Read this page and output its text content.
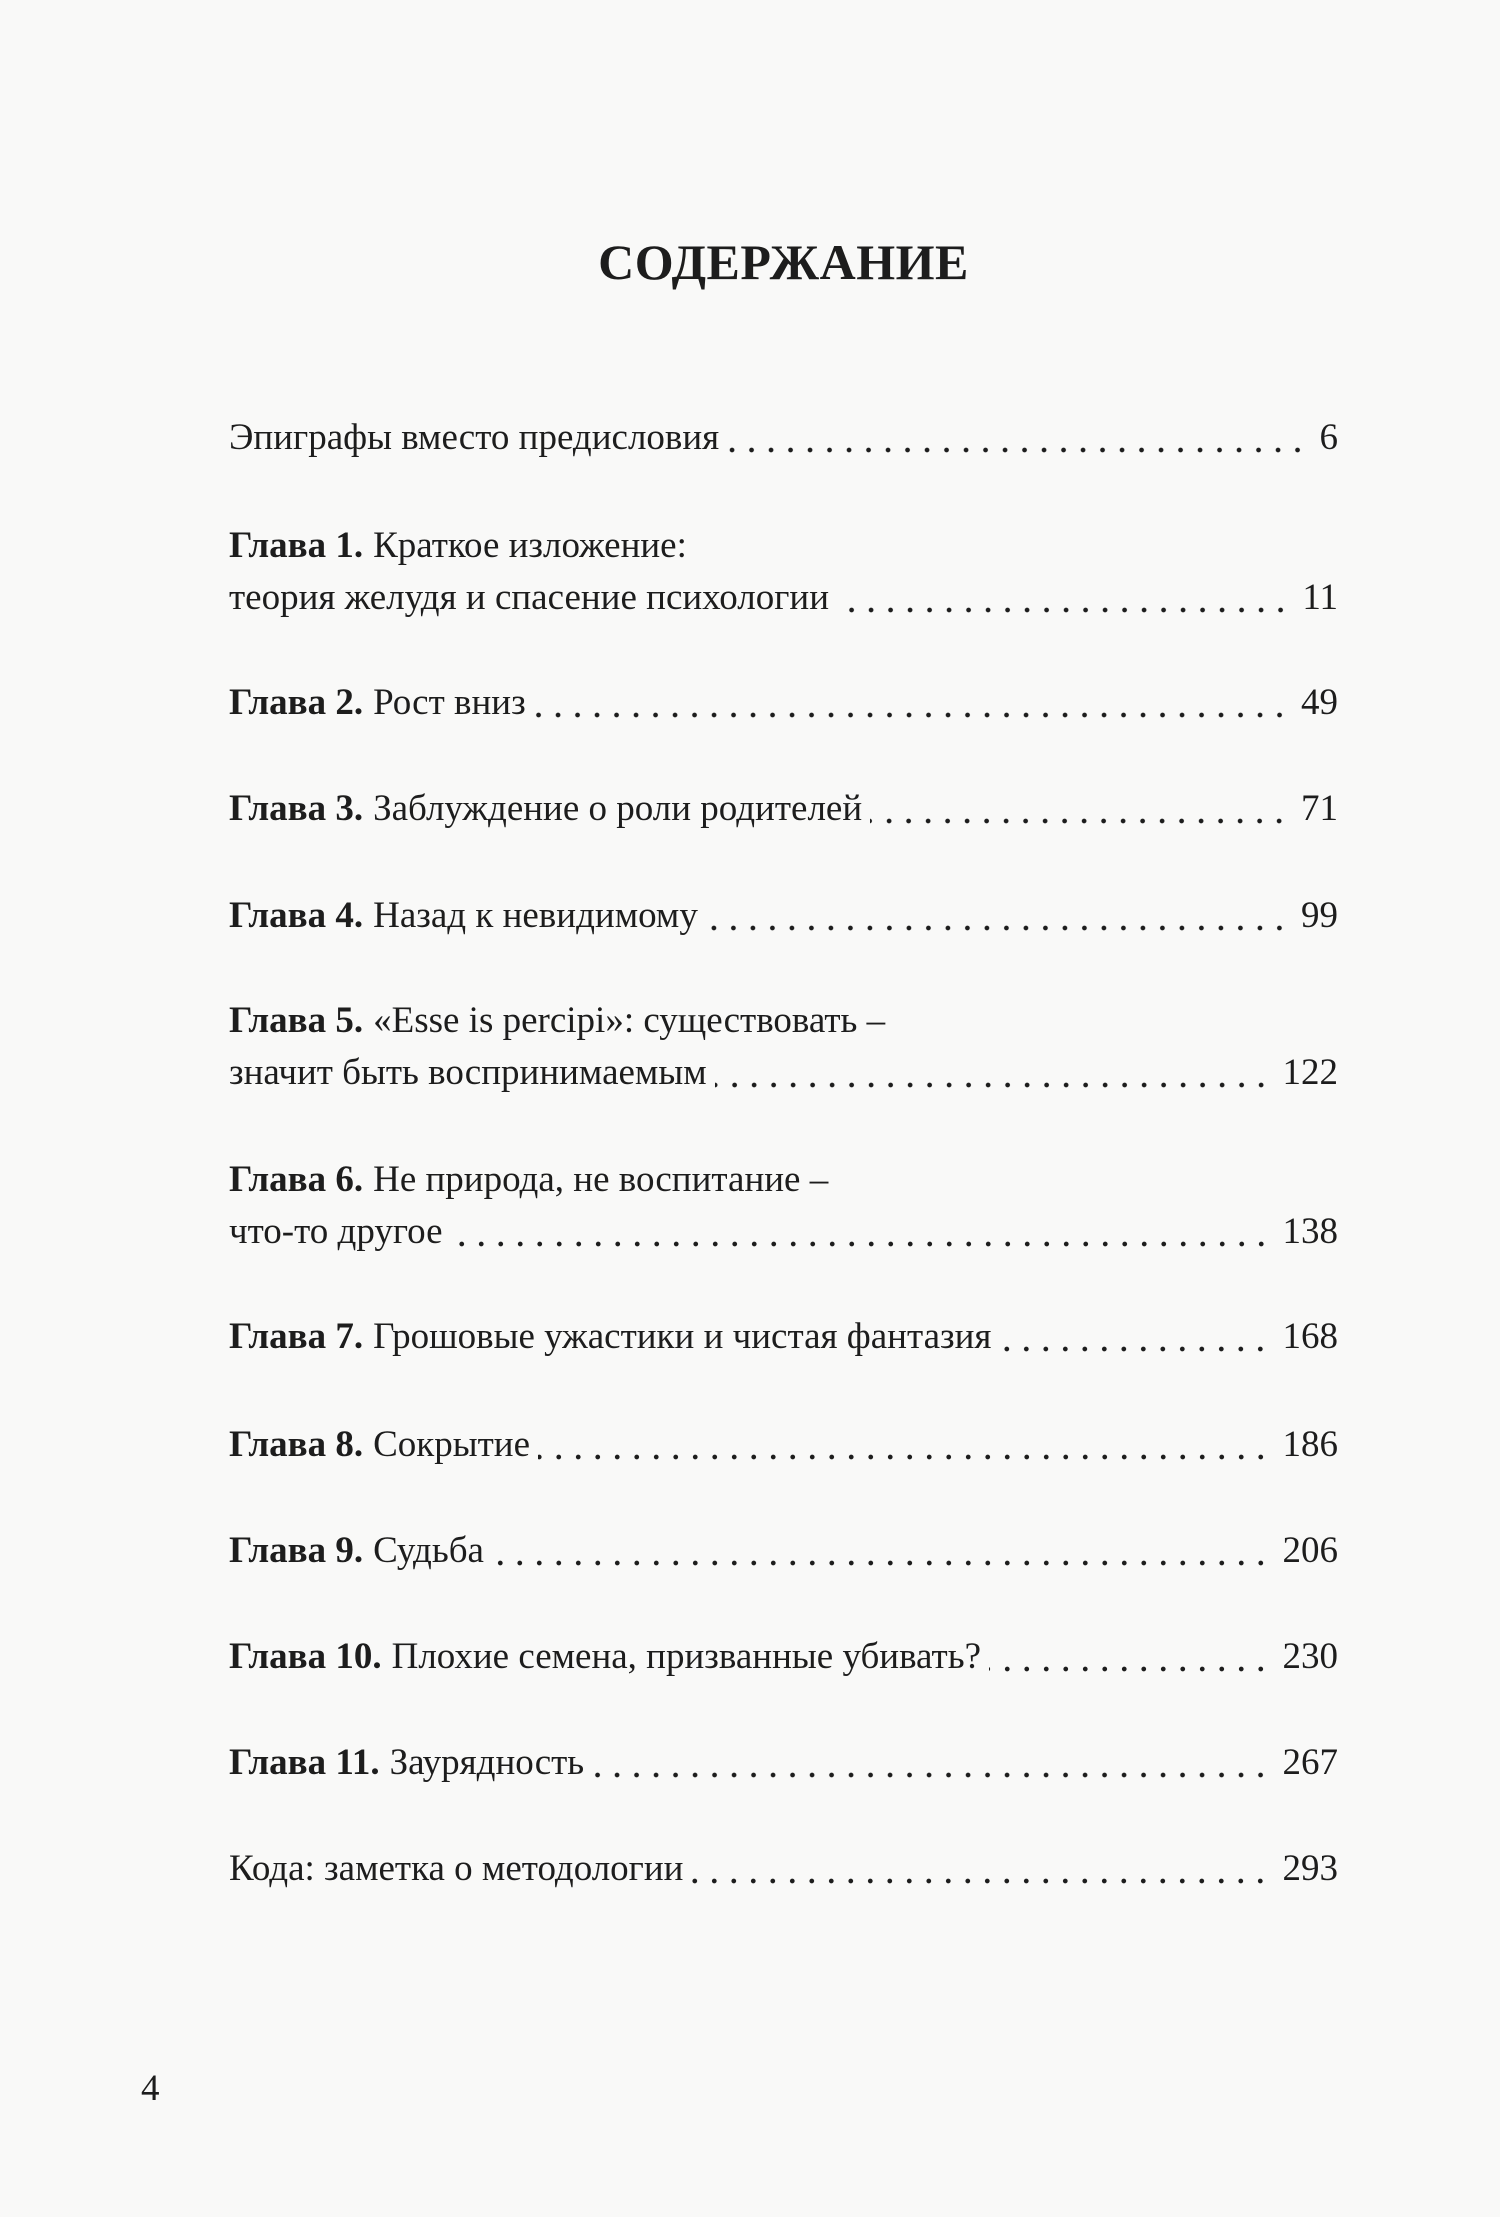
СОДЕРЖАНИЕ
Эпиграфы вместо предисловия	6
Глава 1. Краткое изложение:
теория желудя и спасение психологии	11
Глава 2. Рост вниз	49
Глава 3. Заблуждение о роли родителей	71
Глава 4. Назад к невидимому	99
Глава 5. «Esse is percipi»: существовать –
значит быть воспринимаемым	122
Глава 6. Не природа, не воспитание –
что-то другое	138
Глава 7. Грошовые ужастики и чистая фантазия	168
Глава 8. Сокрытие	186
Глава 9. Судьба	206
Глава 10. Плохие семена, призванные убивать?	230
Глава 11. Заурядность	267
Кода: заметка о методологии	293
4
